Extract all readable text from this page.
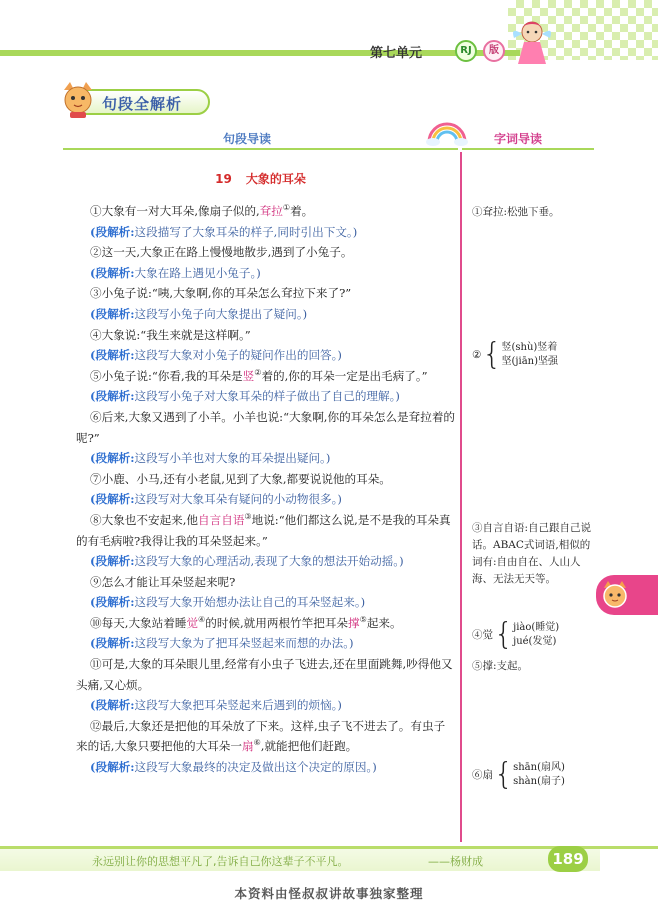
第七单元	RJ	版
句段全解析
句段导读	字词导读
19 大象的耳朵

①大象有一对大耳朵,像扇子似的,耷拉①着。

(段解析:这段描写了大象耳朵的样子,同时引出下文。)

②这一天,大象正在路上慢慢地散步,遇到了小兔子。

(段解析:大象在路上遇见小兔子。)

③小兔子说:“咦,大象啊,你的耳朵怎么耷拉下来了?”

(段解析:这段写小兔子向大象提出了疑问。)

④大象说:“我生来就是这样啊。”

(段解析:这段写大象对小兔子的疑问作出的回答。)

⑤小兔子说:“你看,我的耳朵是竖②着的,你的耳朵一定是出毛病了。”

(段解析:这段写小兔子对大象耳朵的样子做出了自己的理解。)

⑥后来,大象又遇到了小羊。小羊也说:“大象啊,你的耳朵怎么是耷拉着的呢?”

(段解析:这段写小羊也对大象的耳朵提出疑问。)

⑦小鹿、小马,还有小老鼠,见到了大象,都要说说他的耳朵。

(段解析:这段写对大象耳朵有疑问的小动物很多。)

⑧大象也不安起来,他自言自语③地说:“他们都这么说,是不是我的耳朵真的有毛病啦?我得让我的耳朵竖起来。”

(段解析:这段写大象的心理活动,表现了大象的想法开始动摇。)

⑨怎么才能让耳朵竖起来呢?

(段解析:这段写大象开始想办法让自己的耳朵竖起来。)

⑩每天,大象站着睡觉④的时候,就用两根竹竿把耳朵撑⑤起来。

(段解析:这段写大象为了把耳朵竖起来而想的办法。)

⑪可是,大象的耳朵眼儿里,经常有小虫子飞进去,还在里面跳舞,吵得他又头痛,又心烦。

(段解析:这段写大象把耳朵竖起来后遇到的烦恼。)

⑫最后,大象还是把他的耳朵放了下来。这样,虫子飞不进去了。有虫子来的话,大象只要把他的大耳朵一扇⑥,就能把他们赶跑。

(段解析:这段写大象最终的决定及做出这个决定的原因。)

①耷拉:松弛下垂。
②{ 竖(shù)竖着
坚(jiān)坚强
③自言自语:自己跟自己说话。ABAC式词语,相似的词有:自由自在、人山人海、无法无天等。
④觉{ jiào(睡觉)
jué(发觉)
⑤撑:支起。
⑥扇{ shān(扇风)
shàn(扇子)
永远别让你的思想平凡了,告诉自己你这辈子不平凡。	——杨财成	189
本资料由怪叔叔讲故事独家整理
